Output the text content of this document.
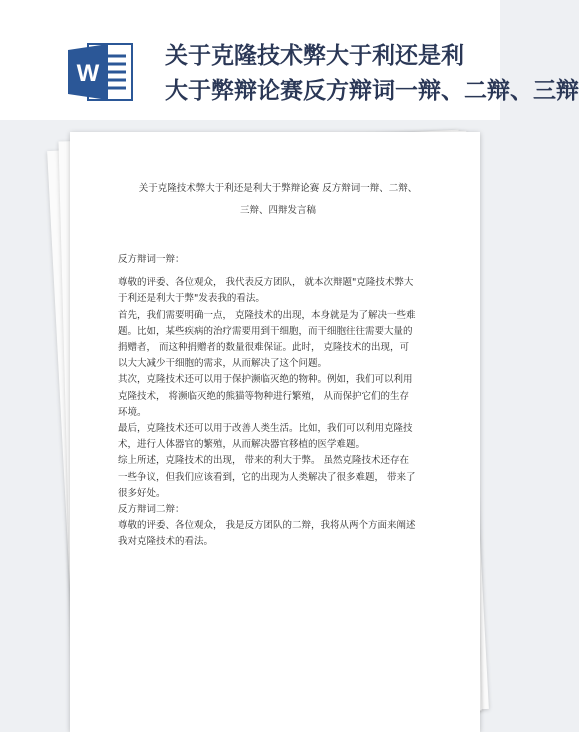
W
关于克隆技术弊大于利还是利
大于弊辩论赛反方辩词一辩、二辩、三辩
关于克隆技术弊大于利还是利大于弊辩论赛 反方辩词一辩、二辩、
三辩、四辩发言稿

反方辩词一辩：

尊敬的评委、各位观众， 我代表反方团队， 就本次辩题"克隆技术弊大于利还是利大于弊"发表我的看法。

首先，我们需要明确一点， 克隆技术的出现，本身就是为了解决一些难题。比如，某些疾病的治疗需要用到干细胞，而干细胞往往需要大量的捐赠者， 而这种捐赠者的数量很难保证。此时， 克隆技术的出现，可以大大减少干细胞的需求，从而解决了这个问题。

其次，克隆技术还可以用于保护濒临灭绝的物种。例如，我们可以利用克隆技术， 将濒临灭绝的熊猫等物种进行繁殖， 从而保护它们的生存环境。

最后，克隆技术还可以用于改善人类生活。比如，我们可以利用克隆技术，进行人体器官的繁殖，从而解决器官移植的医学难题。

综上所述，克隆技术的出现， 带来的利大于弊。 虽然克隆技术还存在一些争议，但我们应该看到，它的出现为人类解决了很多难题， 带来了很多好处。

反方辩词二辩：

尊敬的评委、各位观众， 我是反方团队的二辩，我将从两个方面来阐述我对克隆技术的看法。
